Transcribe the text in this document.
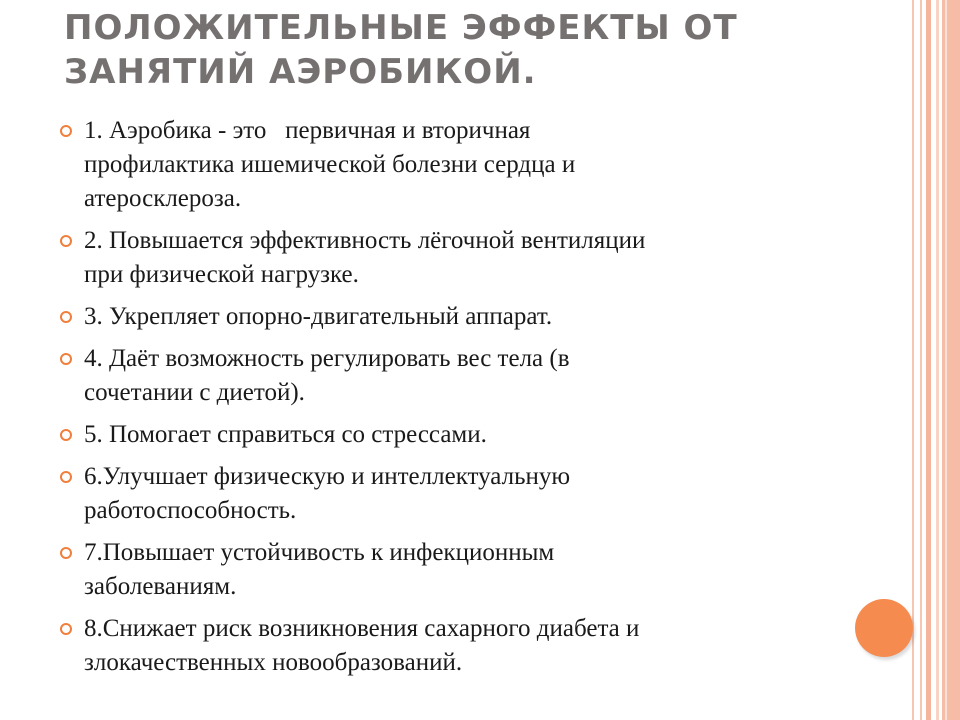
ПОЛОЖИТЕЛЬНЫЕ ЭФФЕКТЫ ОТ
ЗАНЯТИЙ АЭРОБИКОЙ.
1. Аэробика - это   первичная и вторичная
профилактика ишемической болезни сердца и
атеросклероза.
2. Повышается эффективность лёгочной вентиляции
при физической нагрузке.
3. Укрепляет опорно-двигательный аппарат.
4. Даёт возможность регулировать вес тела (в
сочетании с диетой).
5. Помогает справиться со стрессами.
6.Улучшает физическую и интеллектуальную
работоспособность.
7.Повышает устойчивость к инфекционным
заболеваниям.
8.Снижает риск возникновения сахарного диабета и
злокачественных новообразований.
